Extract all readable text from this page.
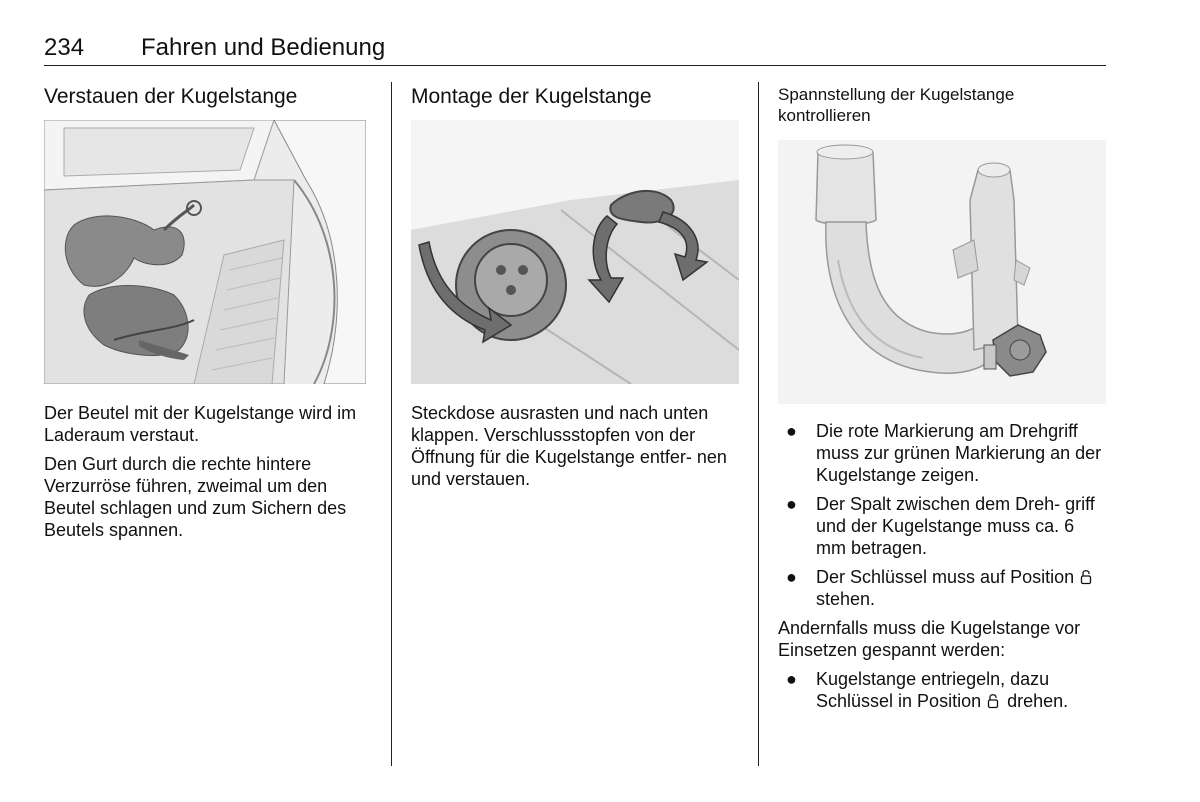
234 Fahren und Bedienung
Verstauen der Kugelstange

Der Beutel mit der Kugelstange wird im Laderaum verstaut.

Den Gurt durch die rechte hintere Verzurröse führen, zweimal um den Beutel schlagen und zum Sichern des Beutels spannen.

Montage der Kugelstange

Steckdose ausrasten und nach unten klappen. Verschlussstopfen von der Öffnung für die Kugelstange entfer‐ nen und verstauen.

Spannstellung der Kugelstange kontrollieren
● Die rote Markierung am Drehgriff muss zur grünen Markierung an der Kugelstange zeigen.
● Der Spalt zwischen dem Dreh‐ griff und der Kugelstange muss ca. 6 mm betragen.
● Der Schlüssel muss auf Position  stehen.

Andernfalls muss die Kugelstange vor Einsetzen gespannt werden:

● Kugelstange entriegeln, dazu Schlüssel in Position drehen.
